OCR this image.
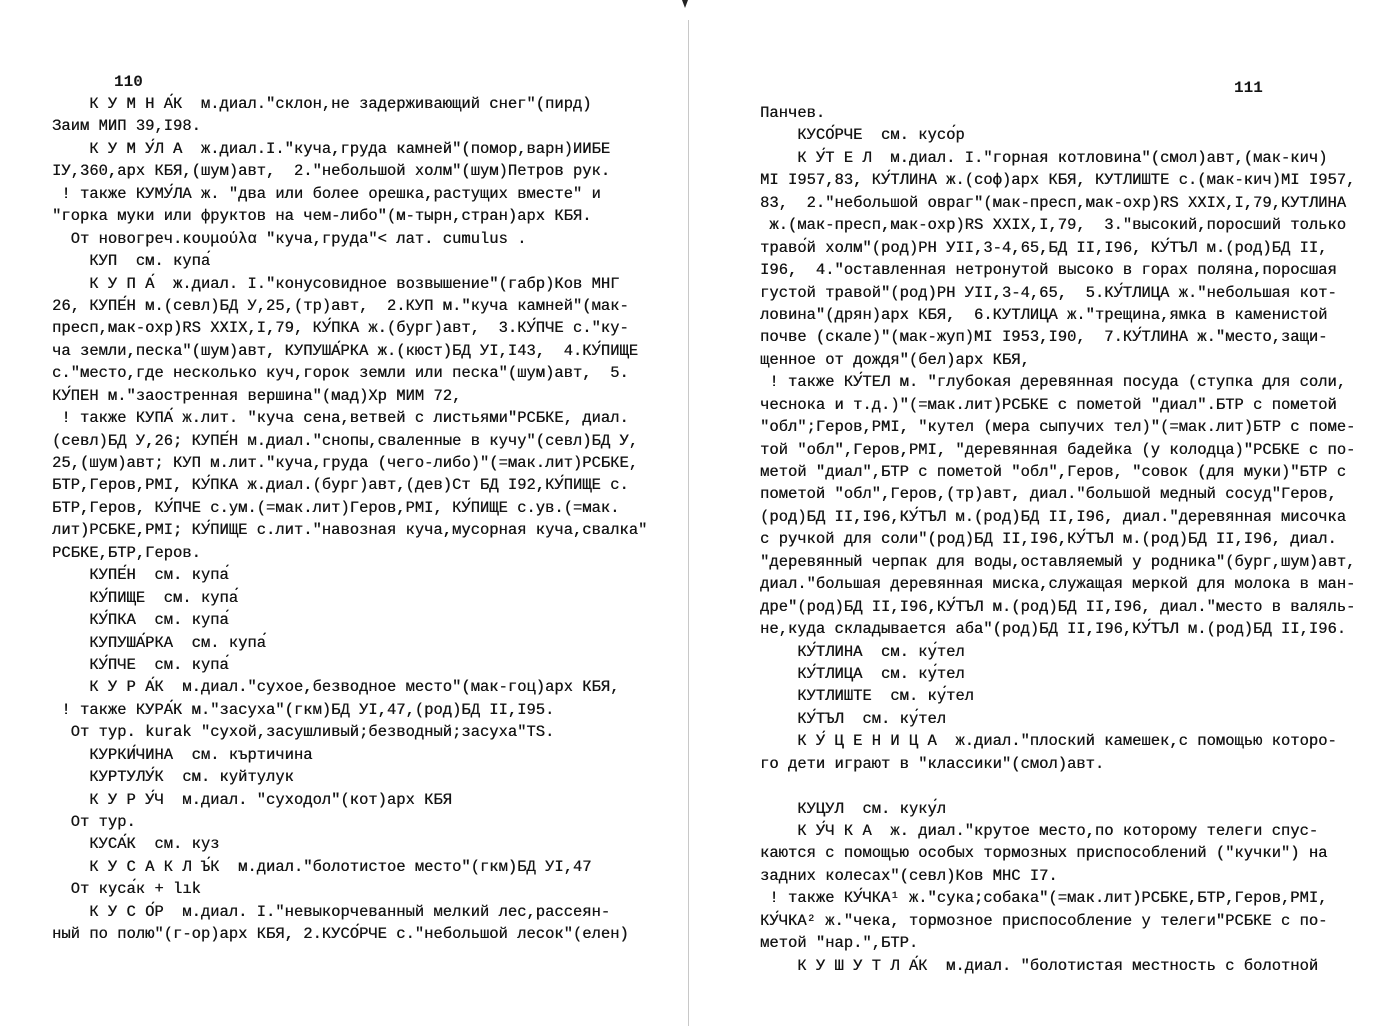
110
К У М Н А́К  м.диал."склон,не задерживающий снег"(пирд)
Заим МИП 39,I98.
К У М У́Л А  ж.диал.I."куча,груда камней"(помор,варн)ИИБЕ
IУ,360,арх КБЯ,(шум)авт,  2."небольшой холм"(шум)Петров рук.
! также КУМУ́ЛА ж. "два или более орешка,растущих вместе" и
"горка муки или фруктов на чем-либо"(м-тырн,стран)арх КБЯ.
От новогреч.κουμούλα "куча,груда"< лат. cumulus .
КУП  см. купа́
К У П А́  ж.диал. I."конусовидное возвышение"(габр)Ков МНГ
26, КУПЕ́Н м.(севл)БД У,25,(тр)авт,  2.КУП м."куча камней"(мак-
пресп,мак-охр)RS XXIX,I,79, КУ́ПКА ж.(бург)авт,  3.КУ́ПЧЕ с."ку-
ча земли,песка"(шум)авт, КУПУША́РКА ж.(кюст)БД УI,I43,  4.КУ́ПИЩЕ
с."место,где несколько куч,горок земли или песка"(шум)авт,  5.
КУ́ПЕН м."заостренная вершина"(мад)Хр МИМ 72,
! также КУПА́ ж.лит. "куча сена,ветвей с листьями"РСБКЕ, диал.
(севл)БД У,26; КУПЕ́Н м.диал."снопы,сваленные в кучу"(севл)БД У,
25,(шум)авт; КУП м.лит."куча,груда (чего-либо)"(=мак.лит)РСБКЕ,
БТР,Геров,РМI, КУ́ПКА ж.диал.(бург)авт,(дев)Ст БД I92,КУ́ПИЩЕ с.
БТР,Геров, КУ́ПЧЕ с.ум.(=мак.лит)Геров,РМI, КУ́ПИЩЕ с.ув.(=мак.
лит)РСБКЕ,РМI; КУ́ПИЩЕ с.лит."навозная куча,мусорная куча,свалка"
РСБКЕ,БТР,Геров.
КУПЕ́Н  см. купа́
КУ́ПИЩЕ  см. купа́
КУ́ПКА  см. купа́
КУПУША́РКА  см. купа́
КУ́ПЧЕ  см. купа́
К У Р А́К  м.диал."сухое,безводное место"(мак-гоц)арх КБЯ,
! также КУРА́К м."засуха"(гкм)БД УI,47,(род)БД II,I95.
От тур. kurak "сухой,засушливый;безводный;засуха"TS.
КУРКИ́ЧИНА  см. къртичина
КУРТУЛУ́К  см. куйтулук
К У Р У́Ч  м.диал. "суходол"(кот)арх КБЯ
От тур.
КУСА́К  см. куз
К У С А К Л Ъ́К  м.диал."болотистое место"(гкм)БД УI,47
От куса́к + lık
К У С О́Р  м.диал. I."невыкорчеванный мелкий лес,рассеян-
ный по полю"(г-ор)арх КБЯ, 2.КУСО́РЧЕ с."небольшой лесок"(елен)
111
Панчев.
КУСО́РЧЕ  см. кусо́р
К У́Т Е Л  м.диал. I."горная котловина"(смол)авт,(мак-кич)
МI I957,83, КУ́ТЛИНА ж.(соф)арх КБЯ, КУТЛИШТЕ с.(мак-кич)МI I957,
83,  2."небольшой овраг"(мак-пресп,мак-охр)RS XXIX,I,79,КУТЛИНА
ж.(мак-пресп,мак-охр)RS XXIX,I,79,  3."высокий,поросший только
траво́й холм"(род)РН УII,3-4,65,БД II,I96, КУ́ТЪЛ м.(род)БД II,
I96,  4."оставленная нетронутой высоко в горах поляна,поросшая
густой травой"(род)РН УII,3-4,65,  5.КУ́ТЛИЦА ж."небольшая кот-
ловина"(дрян)арх КБЯ,  6.КУТЛИЦА ж."трещина,ямка в каменистой
почве (скале)"(мак-жуп)МI I953,I90,  7.КУ́ТЛИНА ж."место,защи-
щенное от дождя"(бел)арх КБЯ,
! также КУ́ТЕЛ м. "глубокая деревянная посуда (ступка для соли,
чеснока и т.д.)"(=мак.лит)РСБКЕ с пометой "диал".БТР с пометой
"обл";Геров,РМI, "кутел (мера сыпучих тел)"(=мак.лит)БТР с поме-
той "обл",Геров,РМI, "деревянная бадейка (у колодца)"РСБКЕ с по-
метой "диал",БТР с пометой "обл",Геров, "совок (для муки)"БТР с
пометой "обл",Геров,(тр)авт, диал."большой медный сосуд"Геров,
(род)БД II,I96,КУ́ТЪЛ м.(род)БД II,I96, диал."деревянная мисочка
с ручкой для соли"(род)БД II,I96,КУ́ТЪЛ м.(род)БД II,I96, диал.
"деревянный черпак для воды,оставляемый у родника"(бург,шум)авт,
диал."большая деревянная миска,служащая меркой для молока в ман-
дре"(род)БД II,I96,КУ́ТЪЛ м.(род)БД II,I96, диал."место в валяль-
не,куда складывается аба"(род)БД II,I96,КУ́ТЪЛ м.(род)БД II,I96.
КУ́ТЛИНА  см. ку́тел
КУ́ТЛИЦА  см. ку́тел
КУТЛИШТЕ  см. ку́тел
КУ́ТЪЛ  см. ку́тел
К У́ Ц Е Н И Ц А  ж.диал."плоский камешек,с помощью которо-
го дети играют в "классики"(смол)авт.
КУЦУЛ  см. куку́л
К У́Ч К А  ж. диал."крутое место,по которому телеги спус-
каются с помощью особых тормозных приспособлений ("кучки") на
задних колесах"(севл)Ков МНС I7.
! также КУ́ЧКА¹ ж."сука;собака"(=мак.лит)РСБКЕ,БТР,Геров,РМI,
КУ́ЧКА² ж."чека, тормозное приспособление у телеги"РСБКЕ с по-
метой "нар.",БТР.
К У Ш У Т Л А́К  м.диал. "болотистая местность с болотной
